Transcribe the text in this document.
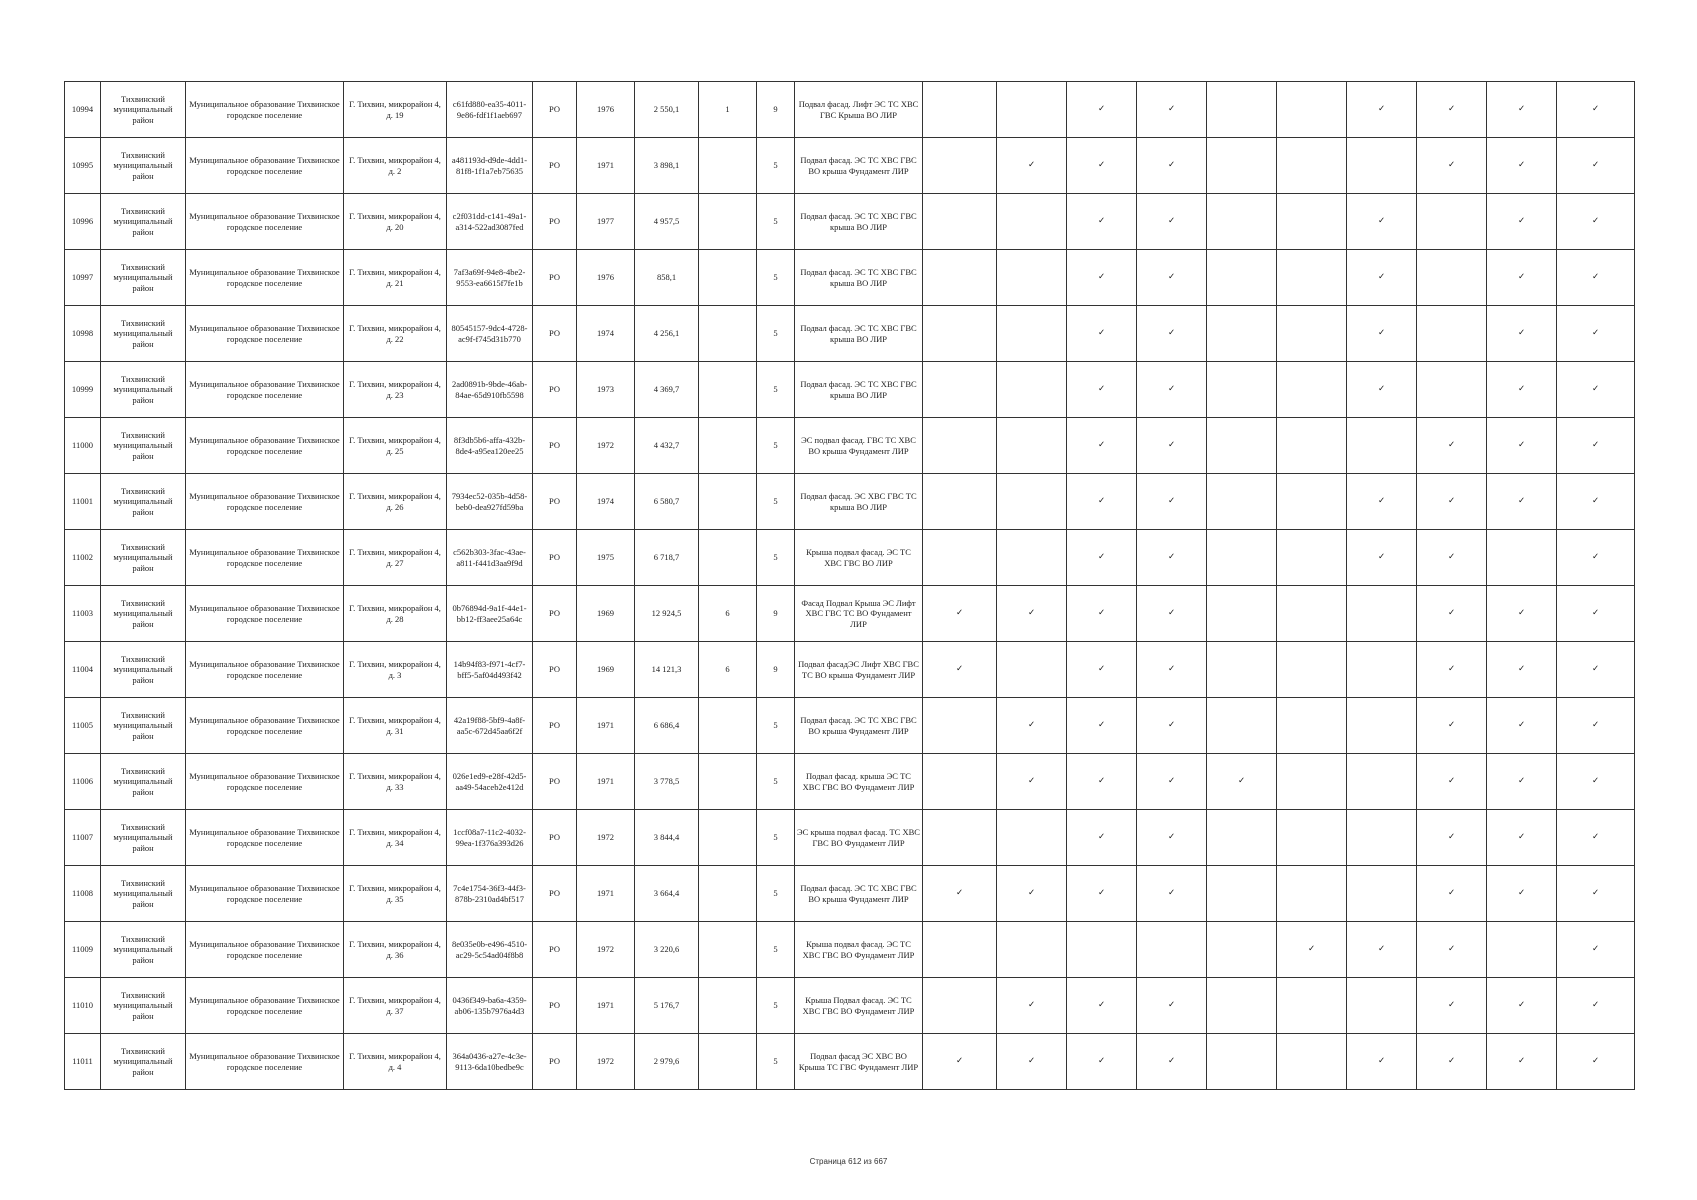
10994	Тихвинский муниципальный район	Муниципальное образование Тихвинское городское поселение	Г. Тихвин, микрорайон 4, д. 19	c61fd880-ea35-4011-9e86-fdf1f1aeb697	РО	1976	2 550,1	1	9	Подвал фасад. Лифт ЭС ТС ХВС ГВС Крыша ВО ЛИР			✓	✓			✓	✓	✓	✓
10995	Тихвинский муниципальный район	Муниципальное образование Тихвинское городское поселение	Г. Тихвин, микрорайон 4, д. 2	a481193d-d9de-4dd1-81f8-1f1a7eb75635	РО	1971	3 898,1		5	Подвал фасад. ЭС ТС ХВС ГВС ВО крыша Фундамент ЛИР		✓	✓	✓				✓	✓	✓
10996	Тихвинский муниципальный район	Муниципальное образование Тихвинское городское поселение	Г. Тихвин, микрорайон 4, д. 20	c2f031dd-c141-49a1-a314-522ad3087fed	РО	1977	4 957,5		5	Подвал фасад. ЭС ТС ХВС ГВС крыша ВО ЛИР			✓	✓			✓		✓	✓
10997	Тихвинский муниципальный район	Муниципальное образование Тихвинское городское поселение	Г. Тихвин, микрорайон 4, д. 21	7af3a69f-94e8-4be2-9553-ea6615f7fe1b	РО	1976	858,1		5	Подвал фасад. ЭС ТС ХВС ГВС крыша ВО ЛИР			✓	✓			✓		✓	✓
10998	Тихвинский муниципальный район	Муниципальное образование Тихвинское городское поселение	Г. Тихвин, микрорайон 4, д. 22	80545157-9dc4-4728-ac9f-f745d31b770	РО	1974	4 256,1		5	Подвал фасад. ЭС ТС ХВС ГВС крыша ВО ЛИР			✓	✓			✓		✓	✓
10999	Тихвинский муниципальный район	Муниципальное образование Тихвинское городское поселение	Г. Тихвин, микрорайон 4, д. 23	2ad0891b-9bde-46ab-84ae-65d910fb5598	РО	1973	4 369,7		5	Подвал фасад. ЭС ТС ХВС ГВС крыша ВО ЛИР			✓	✓			✓		✓	✓
11000	Тихвинский муниципальный район	Муниципальное образование Тихвинское городское поселение	Г. Тихвин, микрорайон 4, д. 25	8f3db5b6-affa-432b-8de4-a95ea120ee25	РО	1972	4 432,7		5	ЭС подвал фасад. ГВС ТС ХВС ВО крыша Фундамент ЛИР			✓	✓				✓	✓	✓
11001	Тихвинский муниципальный район	Муниципальное образование Тихвинское городское поселение	Г. Тихвин, микрорайон 4, д. 26	7934ec52-035b-4d58-beb0-dea927fd59ba	РО	1974	6 580,7		5	Подвал фасад. ЭС ХВС ГВС ТС крыша ВО ЛИР			✓	✓			✓	✓	✓	✓
11002	Тихвинский муниципальный район	Муниципальное образование Тихвинское городское поселение	Г. Тихвин, микрорайон 4, д. 27	c562b303-3fac-43ae-a811-f441d3aa9f9d	РО	1975	6 718,7		5	Крыша подвал фасад. ЭС ТС ХВС ГВС ВО ЛИР			✓	✓			✓	✓		✓
11003	Тихвинский муниципальный район	Муниципальное образование Тихвинское городское поселение	Г. Тихвин, микрорайон 4, д. 28	0b76894d-9a1f-44e1-bb12-ff3aee25a64c	РО	1969	12 924,5	6	9	Фасад Подвал Крыша ЭС Лифт ХВС ГВС ТС ВО Фундамент ЛИР	✓	✓	✓	✓				✓	✓	✓
11004	Тихвинский муниципальный район	Муниципальное образование Тихвинское городское поселение	Г. Тихвин, микрорайон 4, д. 3	14b94f83-f971-4cf7-bff5-5af04d493f42	РО	1969	14 121,3	6	9	Подвал фасадЭС Лифт ХВС ГВС ТС ВО крыша Фундамент ЛИР	✓		✓	✓				✓	✓	✓
11005	Тихвинский муниципальный район	Муниципальное образование Тихвинское городское поселение	Г. Тихвин, микрорайон 4, д. 31	42a19f88-5bf9-4a8f-aa5c-672d45aa6f2f	РО	1971	6 686,4		5	Подвал фасад. ЭС ТС ХВС ГВС ВО крыша Фундамент ЛИР		✓	✓	✓				✓	✓	✓
11006	Тихвинский муниципальный район	Муниципальное образование Тихвинское городское поселение	Г. Тихвин, микрорайон 4, д. 33	026e1ed9-e28f-42d5-aa49-54aceb2e412d	РО	1971	3 778,5		5	Подвал фасад. крыша ЭС ТС ХВС ГВС ВО Фундамент ЛИР		✓	✓	✓	✓			✓	✓	✓
11007	Тихвинский муниципальный район	Муниципальное образование Тихвинское городское поселение	Г. Тихвин, микрорайон 4, д. 34	1ccf08a7-11c2-4032-99ea-1f376a393d26	РО	1972	3 844,4		5	ЭС крыша подвал фасад. ТС ХВС ГВС ВО Фундамент ЛИР			✓	✓				✓	✓	✓
11008	Тихвинский муниципальный район	Муниципальное образование Тихвинское городское поселение	Г. Тихвин, микрорайон 4, д. 35	7c4e1754-36f3-44f3-878b-2310ad4bf517	РО	1971	3 664,4		5	Подвал фасад. ЭС ТС ХВС ГВС ВО крыша Фундамент ЛИР	✓	✓	✓	✓				✓	✓	✓
11009	Тихвинский муниципальный район	Муниципальное образование Тихвинское городское поселение	Г. Тихвин, микрорайон 4, д. 36	8e035e0b-e496-4510-ac29-5c54ad04f8b8	РО	1972	3 220,6		5	Крыша подвал фасад. ЭС ТС ХВС ГВС ВО Фундамент ЛИР						✓	✓	✓		✓
11010	Тихвинский муниципальный район	Муниципальное образование Тихвинское городское поселение	Г. Тихвин, микрорайон 4, д. 37	0436f349-ba6a-4359-ab06-135b7976a4d3	РО	1971	5 176,7		5	Крыша Подвал фасад. ЭС ТС ХВС ГВС ВО Фундамент ЛИР		✓	✓	✓				✓	✓	✓
11011	Тихвинский муниципальный район	Муниципальное образование Тихвинское городское поселение	Г. Тихвин, микрорайон 4, д. 4	364a0436-a27e-4c3e-9113-6da10bedbe9c	РО	1972	2 979,6		5	Подвал фасад ЭС ХВС ВО Крыша ТС ГВС Фундамент ЛИР	✓	✓	✓	✓			✓	✓	✓	✓
Страница 612 из 667
